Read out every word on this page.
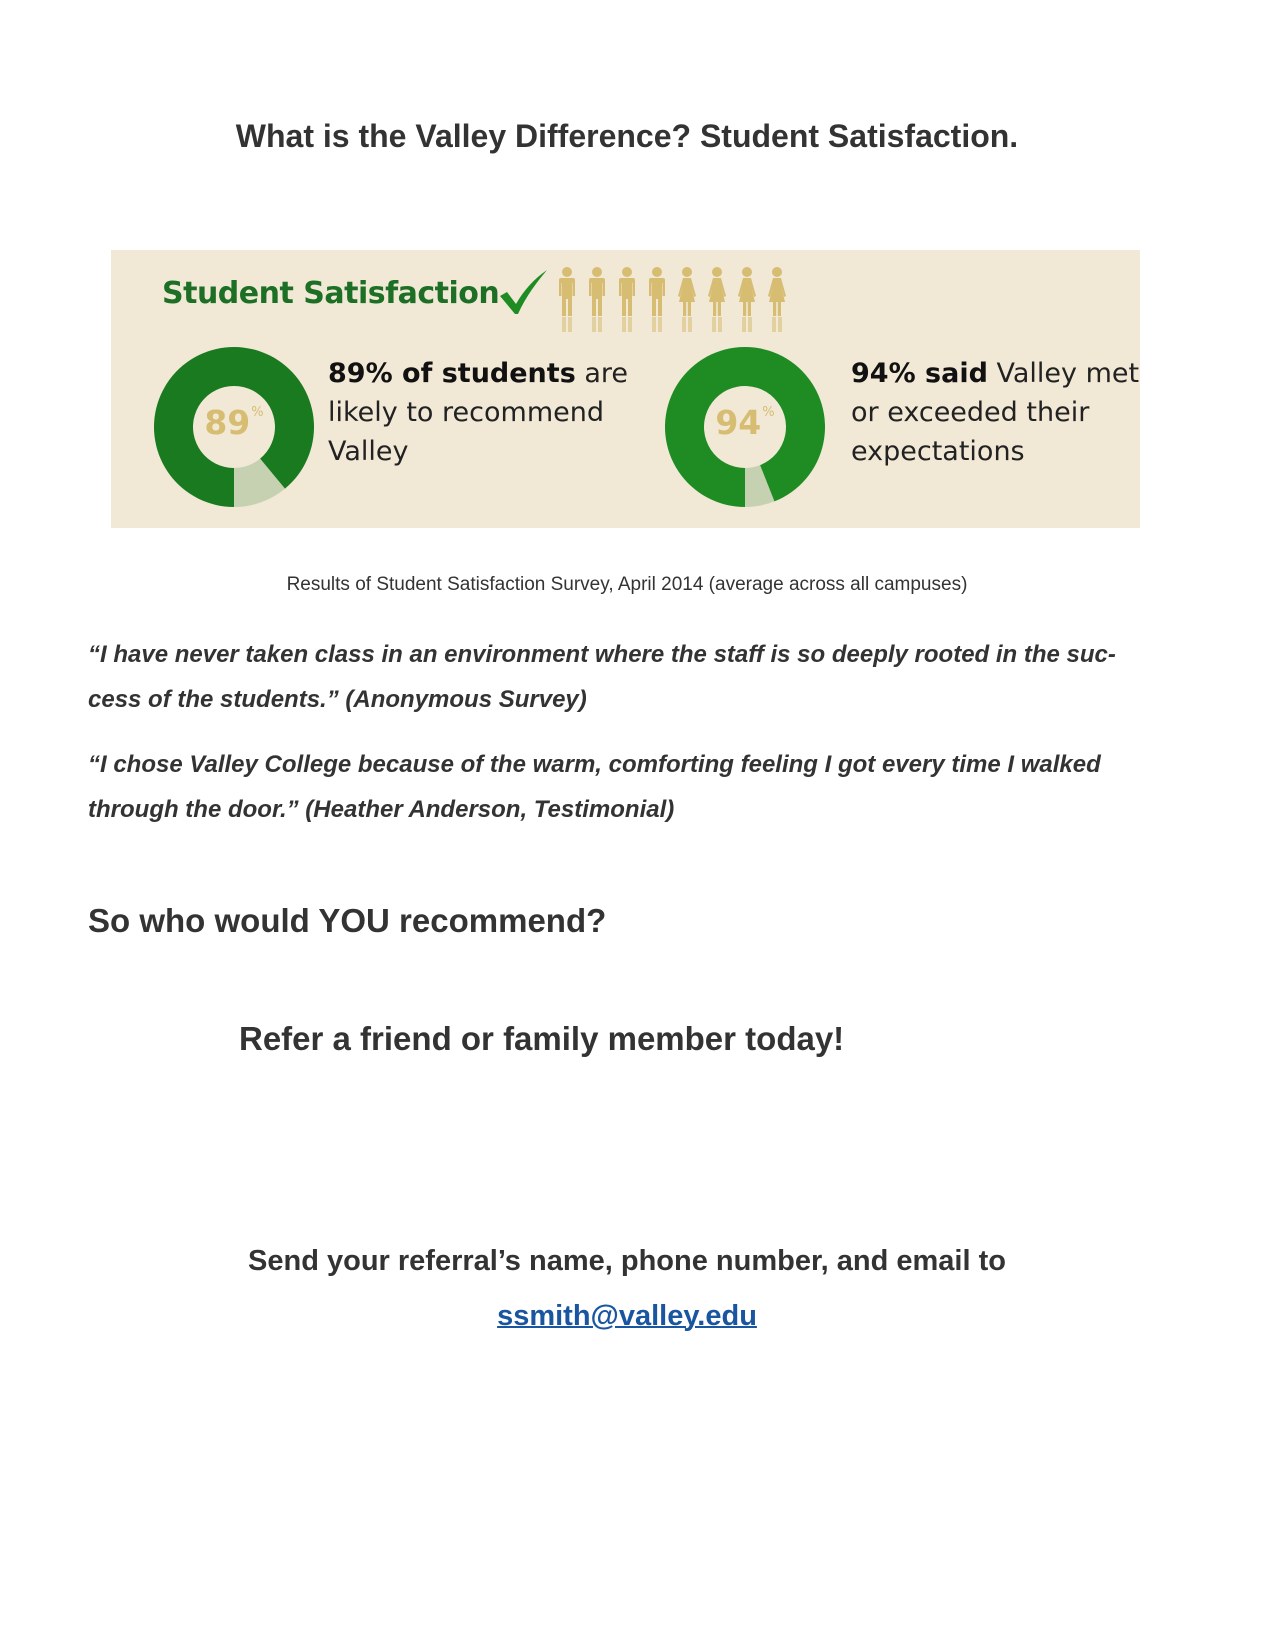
What is the Valley Difference? Student Satisfaction.
Student Satisfaction
89%
89% of students are
likely to recommend
Valley
94%
94% said Valley met
or exceeded their
expectations
Results of Student Satisfaction Survey, April 2014 (average across all campuses)
“I have never taken class in an environment where the staff is so deeply rooted in the suc-
cess of the students.” (Anonymous Survey)
“I chose Valley College because of the warm, comforting feeling I got every time I walked
through the door.” (Heather Anderson, Testimonial)
So who would YOU recommend?
Refer a friend or family member today!
Send your referral’s name, phone number, and email to
ssmith@valley.edu
